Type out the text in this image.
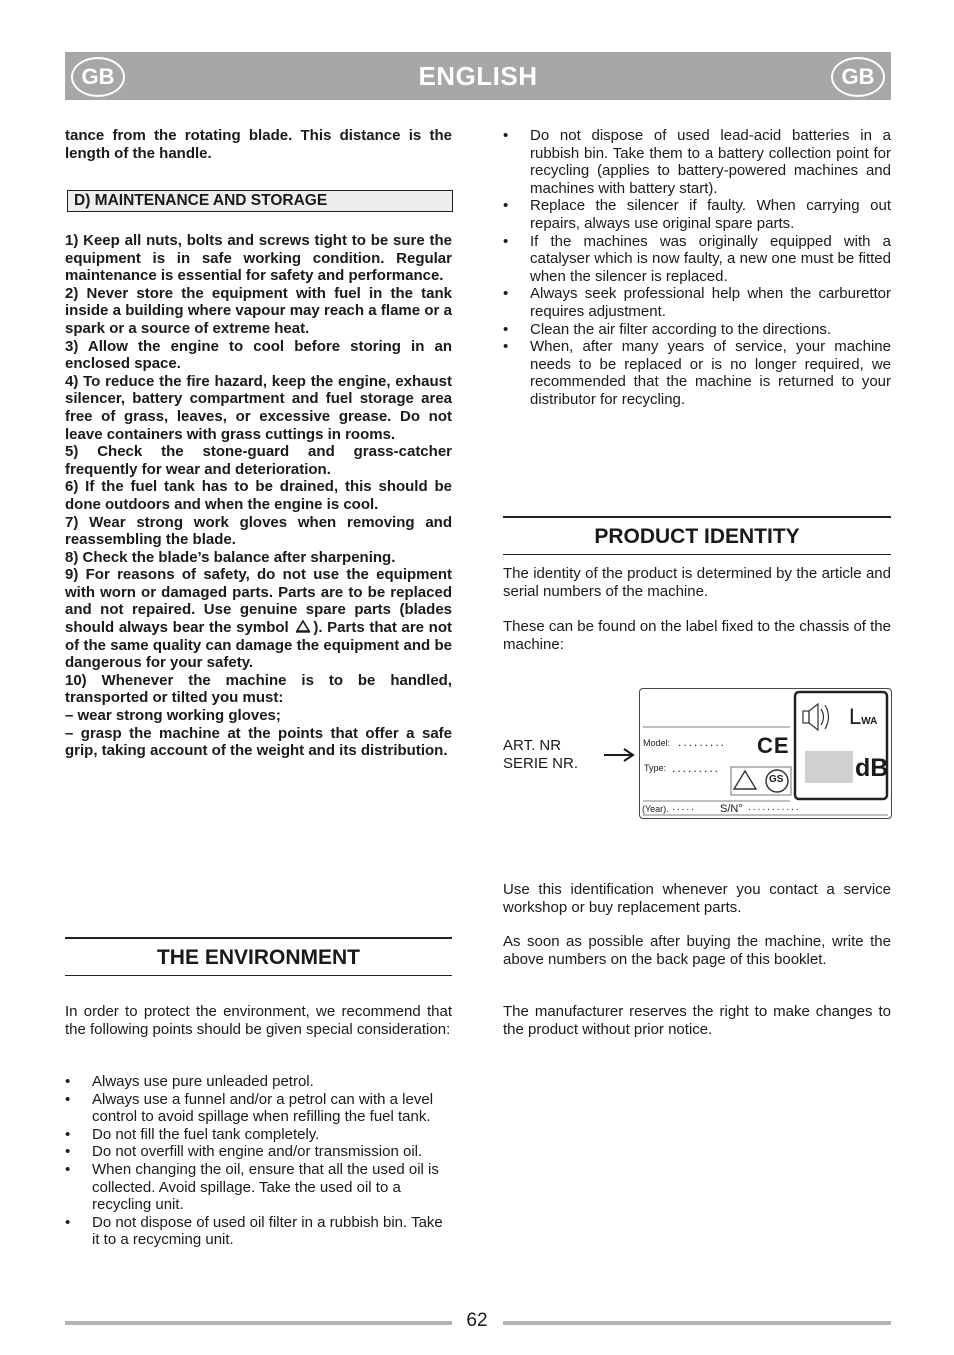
GB	ENGLISH	GB
tance from the rotating blade. This distance is the length of the handle.
D) MAINTENANCE AND STORAGE

1) Keep all nuts, bolts and screws tight to be sure the equipment is in safe working condition. Regular maintenance is essential for safety and performance.

2) Never store the equipment with fuel in the tank inside a building where vapour may reach a flame or a spark or a source of extreme heat.

3) Allow the engine to cool before storing in an enclosed space.

4) To reduce the fire hazard, keep the engine, exhaust silencer, battery compartment and fuel storage area free of grass, leaves, or excessive grease. Do not leave containers with grass cuttings in rooms.

5) Check the stone-guard and grass-catcher frequently for wear and deterioration.

6) If the fuel tank has to be drained, this should be done outdoors and when the engine is cool.

7) Wear strong work gloves when removing and reassembling the blade.

8) Check the blade’s balance after sharpening.

9) For reasons of safety, do not use the equipment with worn or damaged parts. Parts are to be replaced and not repaired. Use genuine spare parts (blades should always bear the symbol ). Parts that are not of the same quality can damage the equipment and be dangerous for your safety.

10) Whenever the machine is to be handled, transported or tilted you must:

– wear strong working gloves;

– grasp the machine at the points that offer a safe grip, taking account of the weight and its distribution.

THE ENVIRONMENT
In order to protect the environment, we recommend that the following points should be given special consideration:
• Always use pure unleaded petrol.
• Always use a funnel and/or a petrol can with a level control to avoid spillage when refilling the fuel tank.
• Do not fill the fuel tank completely.
• Do not overfill with engine and/or transmission oil.
• When changing the oil, ensure that all the used oil is collected. Avoid spillage. Take the used oil to a recycling unit.
• Do not dispose of used oil filter in a rubbish bin. Take it to a recycming unit.
• Do not dispose of used lead-acid batteries in a rubbish bin. Take them to a battery collection point for recycling (applies to battery-powered machines and machines with battery start).
• Replace the silencer if faulty. When carrying out repairs, always use original spare parts.
• If the machines was originally equipped with a catalyser which is now faulty, a new one must be fitted when the silencer is replaced.
• Always seek professional help when the carburettor requires adjustment.
• Clean the air filter according to the directions.
• When, after many years of service, your machine needs to be replaced or is no longer required, we recommended that the machine is returned to your distributor for recycling.
PRODUCT IDENTITY
The identity of the product is determined by the article and serial numbers of the machine.
These can be found on the label fixed to the chassis of the machine:
ART. NR
SERIE NR.
Model: .........
Type: .........
CE
GS
(Year). ..... S/N° ...........
LWA
dB
Use this identification whenever you contact a service workshop or buy replacement parts.
As soon as possible after buying the machine, write the above numbers on the back page of this booklet.
The manufacturer reserves the right to make changes to the product without prior notice.
62
